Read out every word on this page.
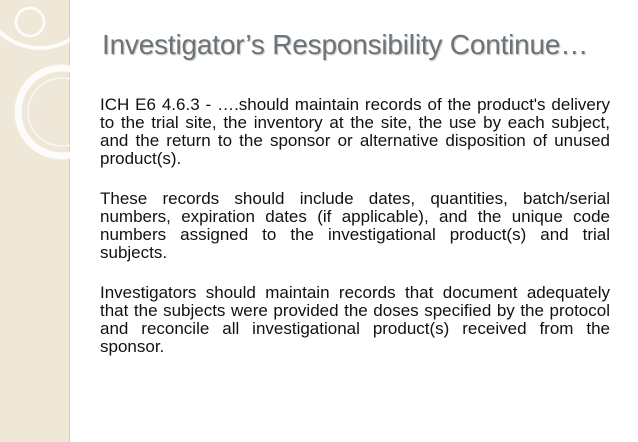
Investigator’s Responsibility Continue…

ICH E6 4.6.3 - ….should maintain records of the product's delivery to the trial site, the inventory at the site, the use by each subject, and the return to the sponsor or alternative disposition of unused product(s).

These records should include dates, quantities, batch/serial numbers, expiration dates (if applicable), and the unique code numbers assigned to the investigational product(s) and trial subjects.

Investigators should maintain records that document adequately that the subjects were provided the doses specified by the protocol and reconcile all investigational product(s) received from the sponsor.
